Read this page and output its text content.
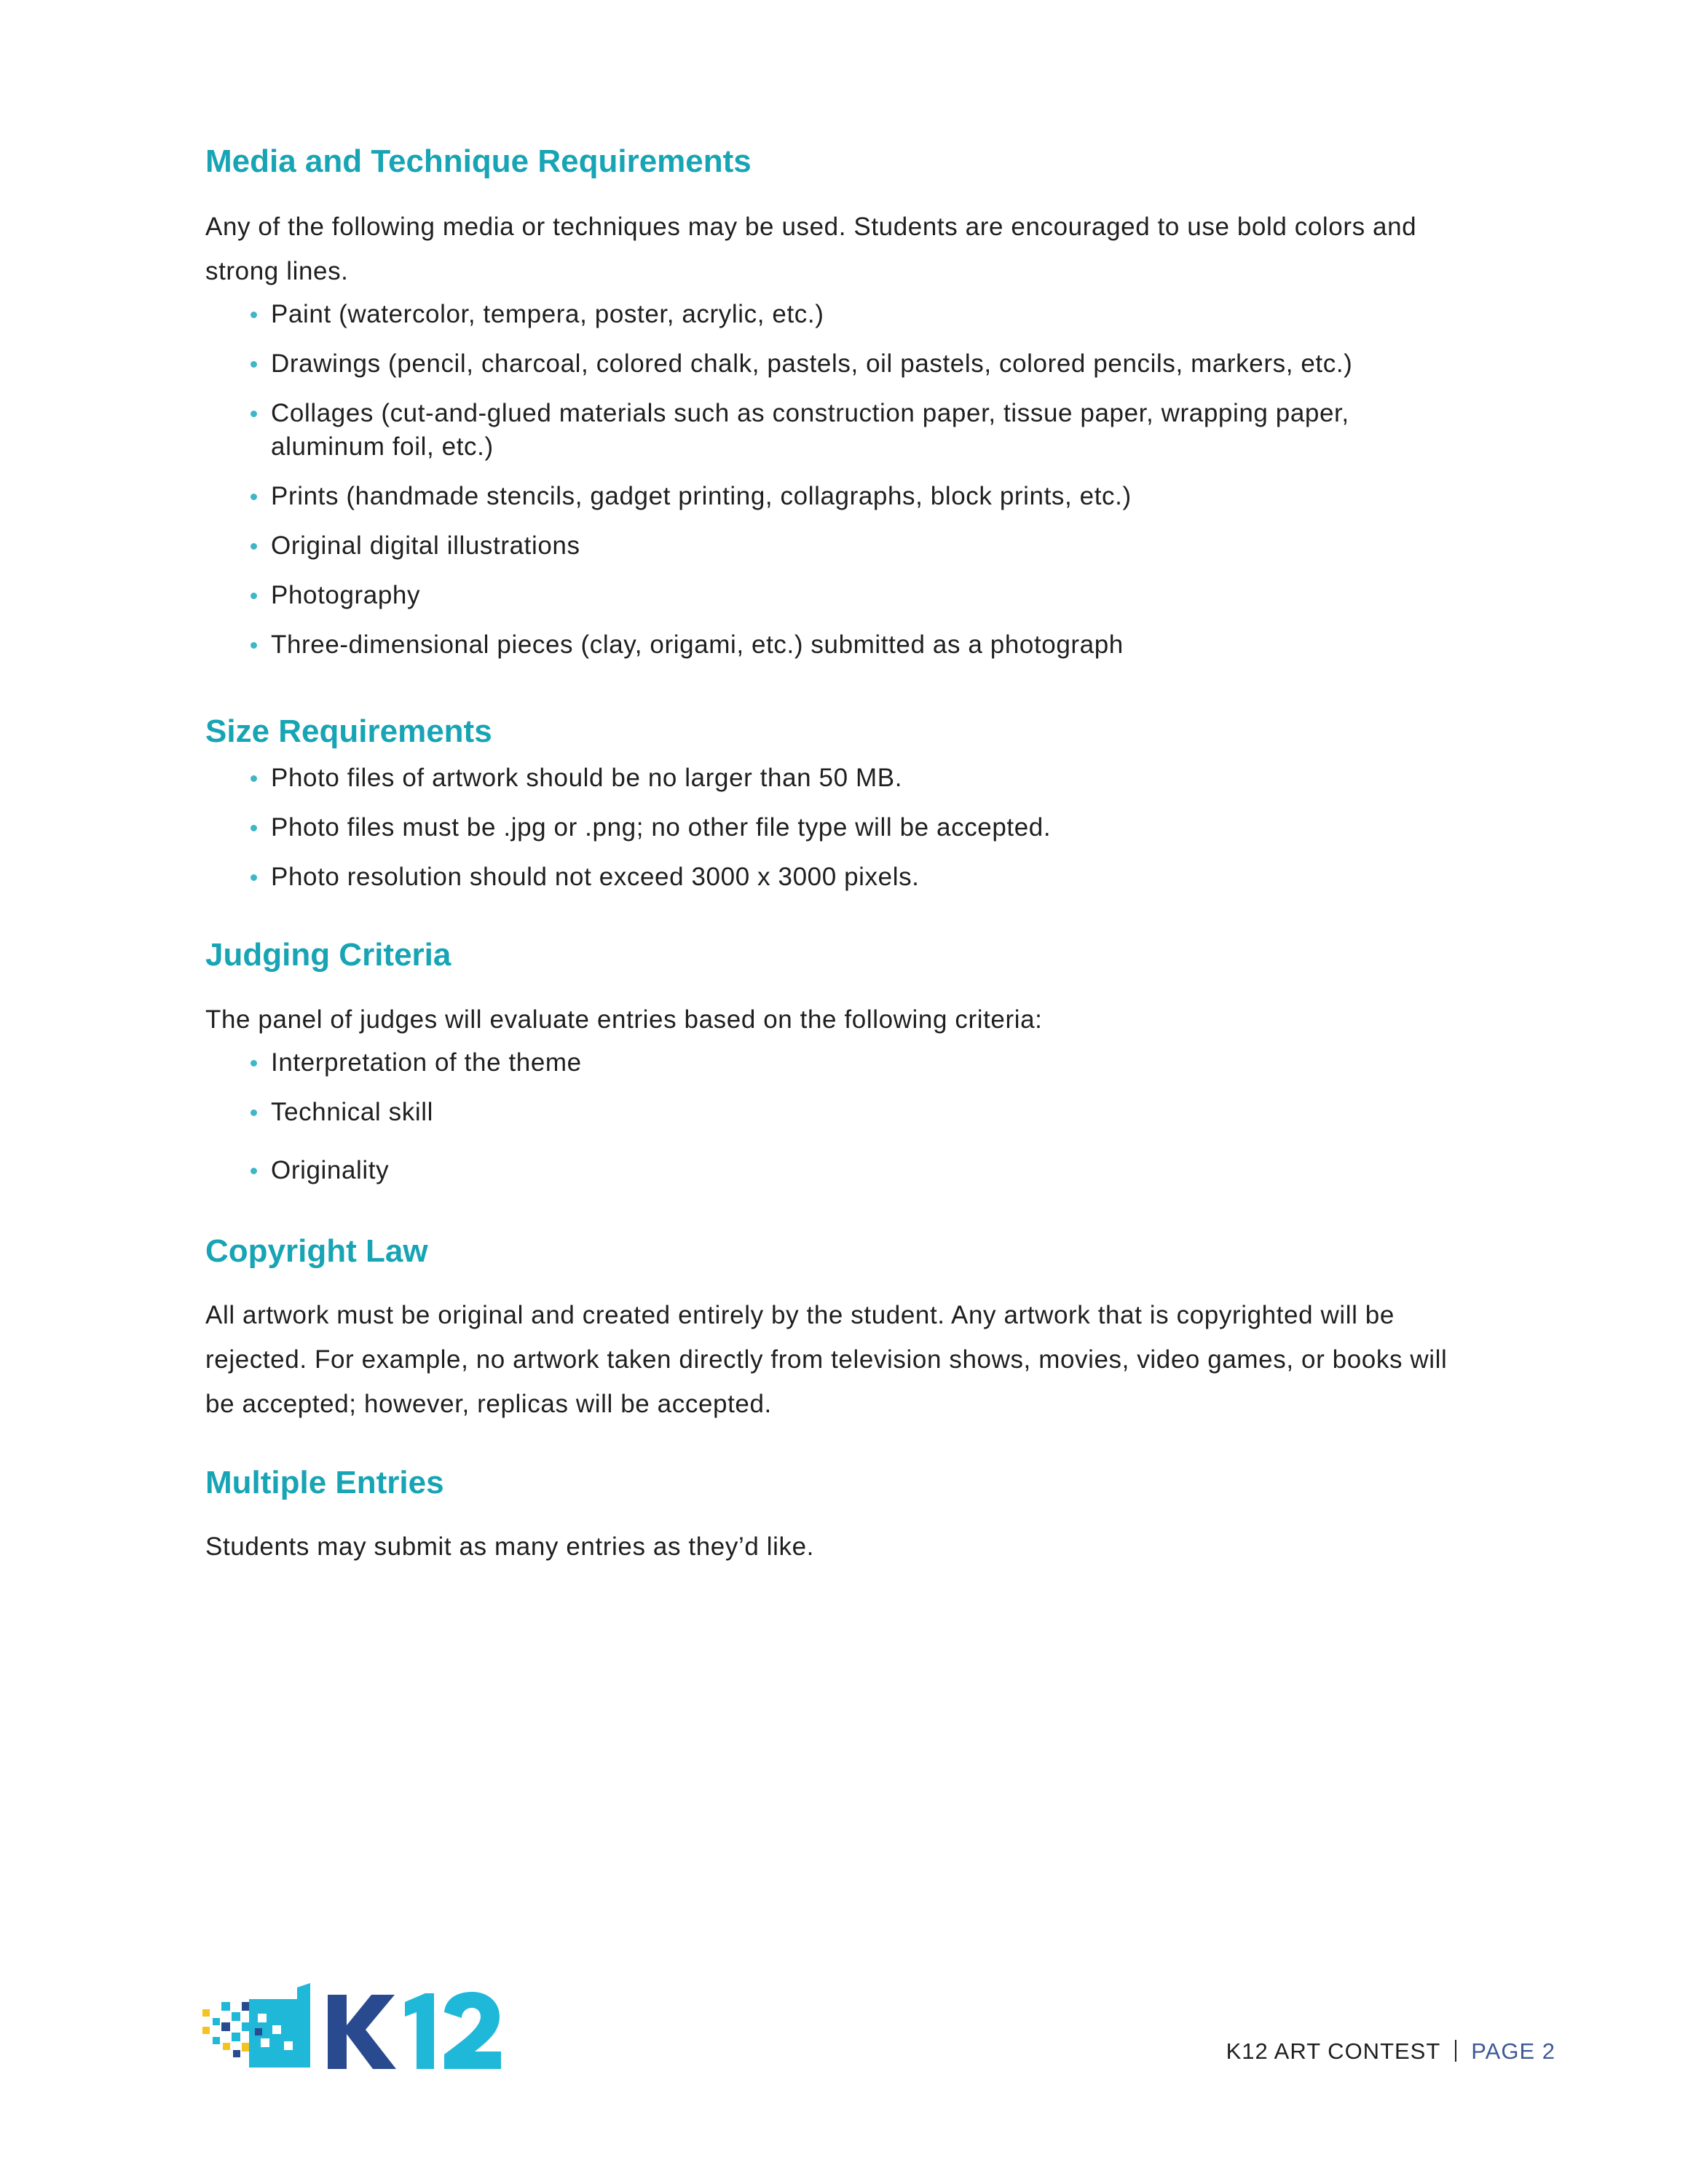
Media and Technique Requirements

Any of the following media or techniques may be used. Students are encouraged to use bold colors and strong lines.

Paint (watercolor, tempera, poster, acrylic, etc.)
Drawings (pencil, charcoal, colored chalk, pastels, oil pastels, colored pencils, markers, etc.)
Collages (cut-and-glued materials such as construction paper, tissue paper, wrapping paper, aluminum foil, etc.)
Prints (handmade stencils, gadget printing, collagraphs, block prints, etc.)
Original digital illustrations
Photography
Three-dimensional pieces (clay, origami, etc.) submitted as a photograph
Size Requirements
Photo files of artwork should be no larger than 50 MB.
Photo files must be .jpg or .png; no other file type will be accepted.
Photo resolution should not exceed 3000 x 3000 pixels.
Judging Criteria

The panel of judges will evaluate entries based on the following criteria:

Interpretation of the theme
Technical skill
Originality
Copyright Law

All artwork must be original and created entirely by the student. Any artwork that is copyrighted will be rejected. For example, no artwork taken directly from television shows, movies, video games, or books will be accepted; however, replicas will be accepted.

Multiple Entries

Students may submit as many entries as they’d like.

K12 ART CONTEST PAGE 2
